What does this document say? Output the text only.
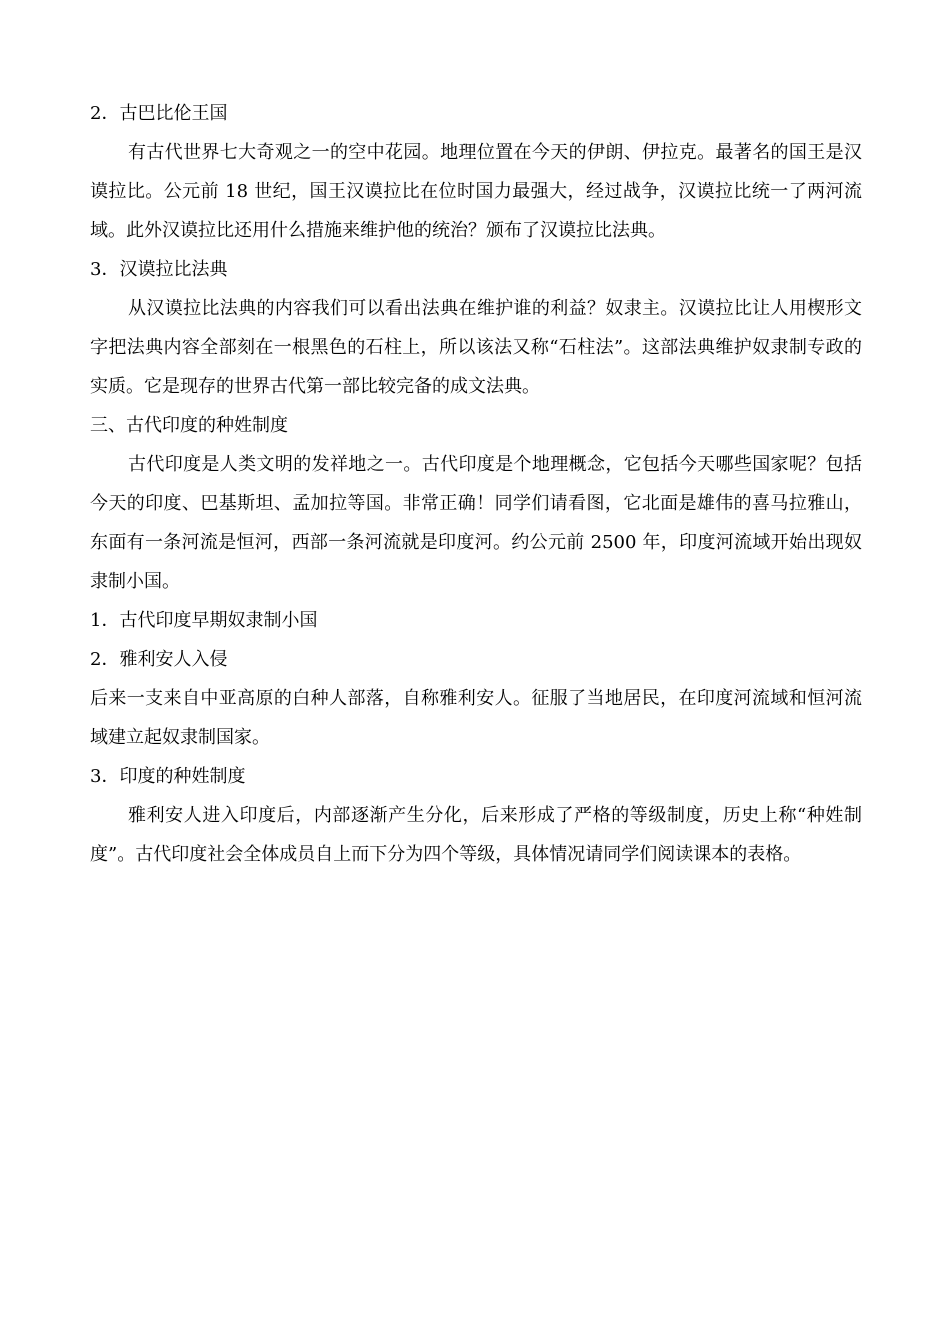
2．古巴比伦王国

有古代世界七大奇观之一的空中花园。地理位置在今天的伊朗、伊拉克。最著名的国王是汉谟拉比。公元前 18 世纪，国王汉谟拉比在位时国力最强大，经过战争，汉谟拉比统一了两河流域。此外汉谟拉比还用什么措施来维护他的统治？颁布了汉谟拉比法典。

3．汉谟拉比法典

从汉谟拉比法典的内容我们可以看出法典在维护谁的利益？奴隶主。汉谟拉比让人用楔形文字把法典内容全部刻在一根黑色的石柱上，所以该法又称“石柱法”。这部法典维护奴隶制专政的实质。它是现存的世界古代第一部比较完备的成文法典。

三、古代印度的种姓制度

古代印度是人类文明的发祥地之一。古代印度是个地理概念，它包括今天哪些国家呢？包括今天的印度、巴基斯坦、孟加拉等国。非常正确！同学们请看图，它北面是雄伟的喜马拉雅山，东面有一条河流是恒河，西部一条河流就是印度河。约公元前 2500 年，印度河流域开始出现奴隶制小国。

1．古代印度早期奴隶制小国

2．雅利安人入侵

后来一支来自中亚高原的白种人部落，自称雅利安人。征服了当地居民，在印度河流域和恒河流域建立起奴隶制国家。

3．印度的种姓制度

雅利安人进入印度后，内部逐渐产生分化，后来形成了严格的等级制度，历史上称“种姓制度”。古代印度社会全体成员自上而下分为四个等级，具体情况请同学们阅读课本的表格。
